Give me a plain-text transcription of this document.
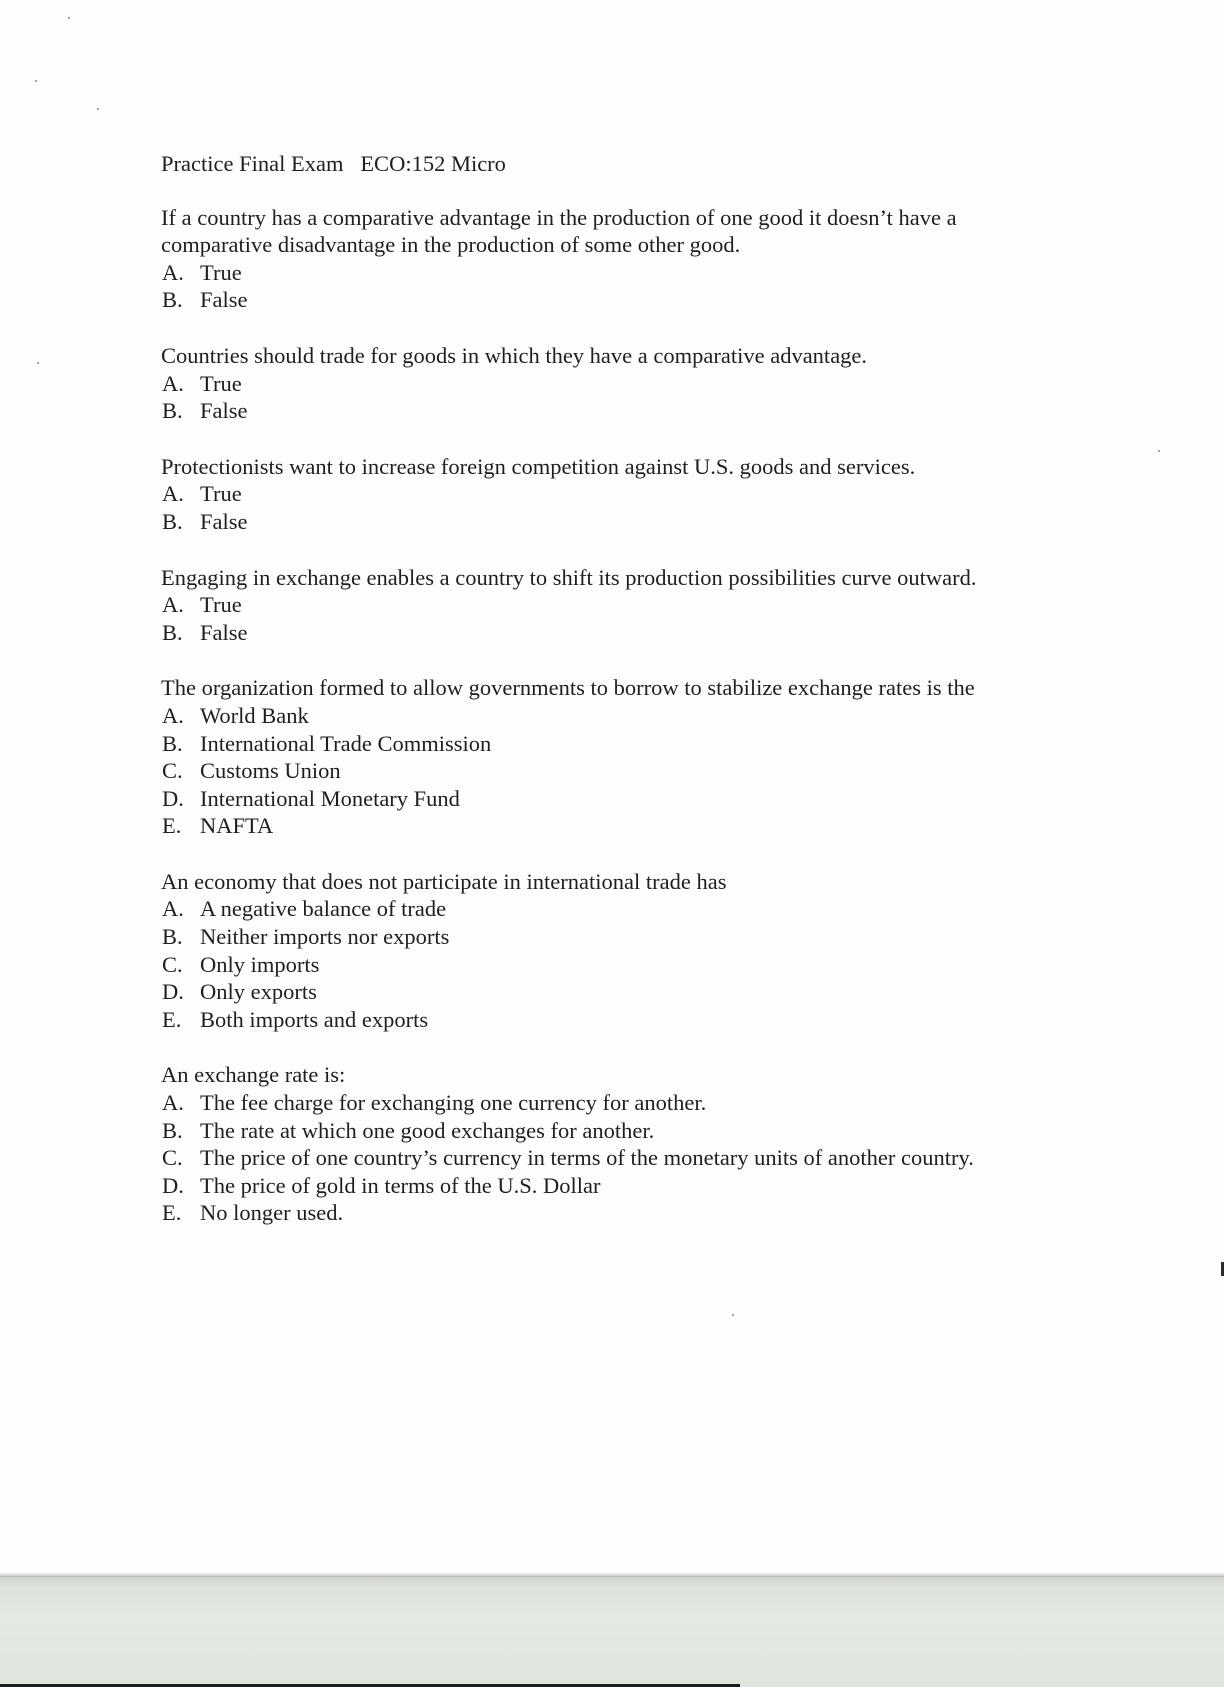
Practice Final Exam   ECO:152 Micro

If a country has a comparative advantage in the production of one good it doesn’t have a comparative disadvantage in the production of some other good.

A. True
B. False

Countries should trade for goods in which they have a comparative advantage.

A. True
B. False

Protectionists want to increase foreign competition against U.S. goods and services.

A. True
B. False

Engaging in exchange enables a country to shift its production possibilities curve outward.

A. True
B. False

The organization formed to allow governments to borrow to stabilize exchange rates is the

A. World Bank
B. International Trade Commission
C. Customs Union
D. International Monetary Fund
E. NAFTA

An economy that does not participate in international trade has

A. A negative balance of trade
B. Neither imports nor exports
C. Only imports
D. Only exports
E. Both imports and exports

An exchange rate is:

A. The fee charge for exchanging one currency for another.
B. The rate at which one good exchanges for another.
C. The price of one country’s currency in terms of the monetary units of another country.
D. The price of gold in terms of the U.S. Dollar
E. No longer used.
